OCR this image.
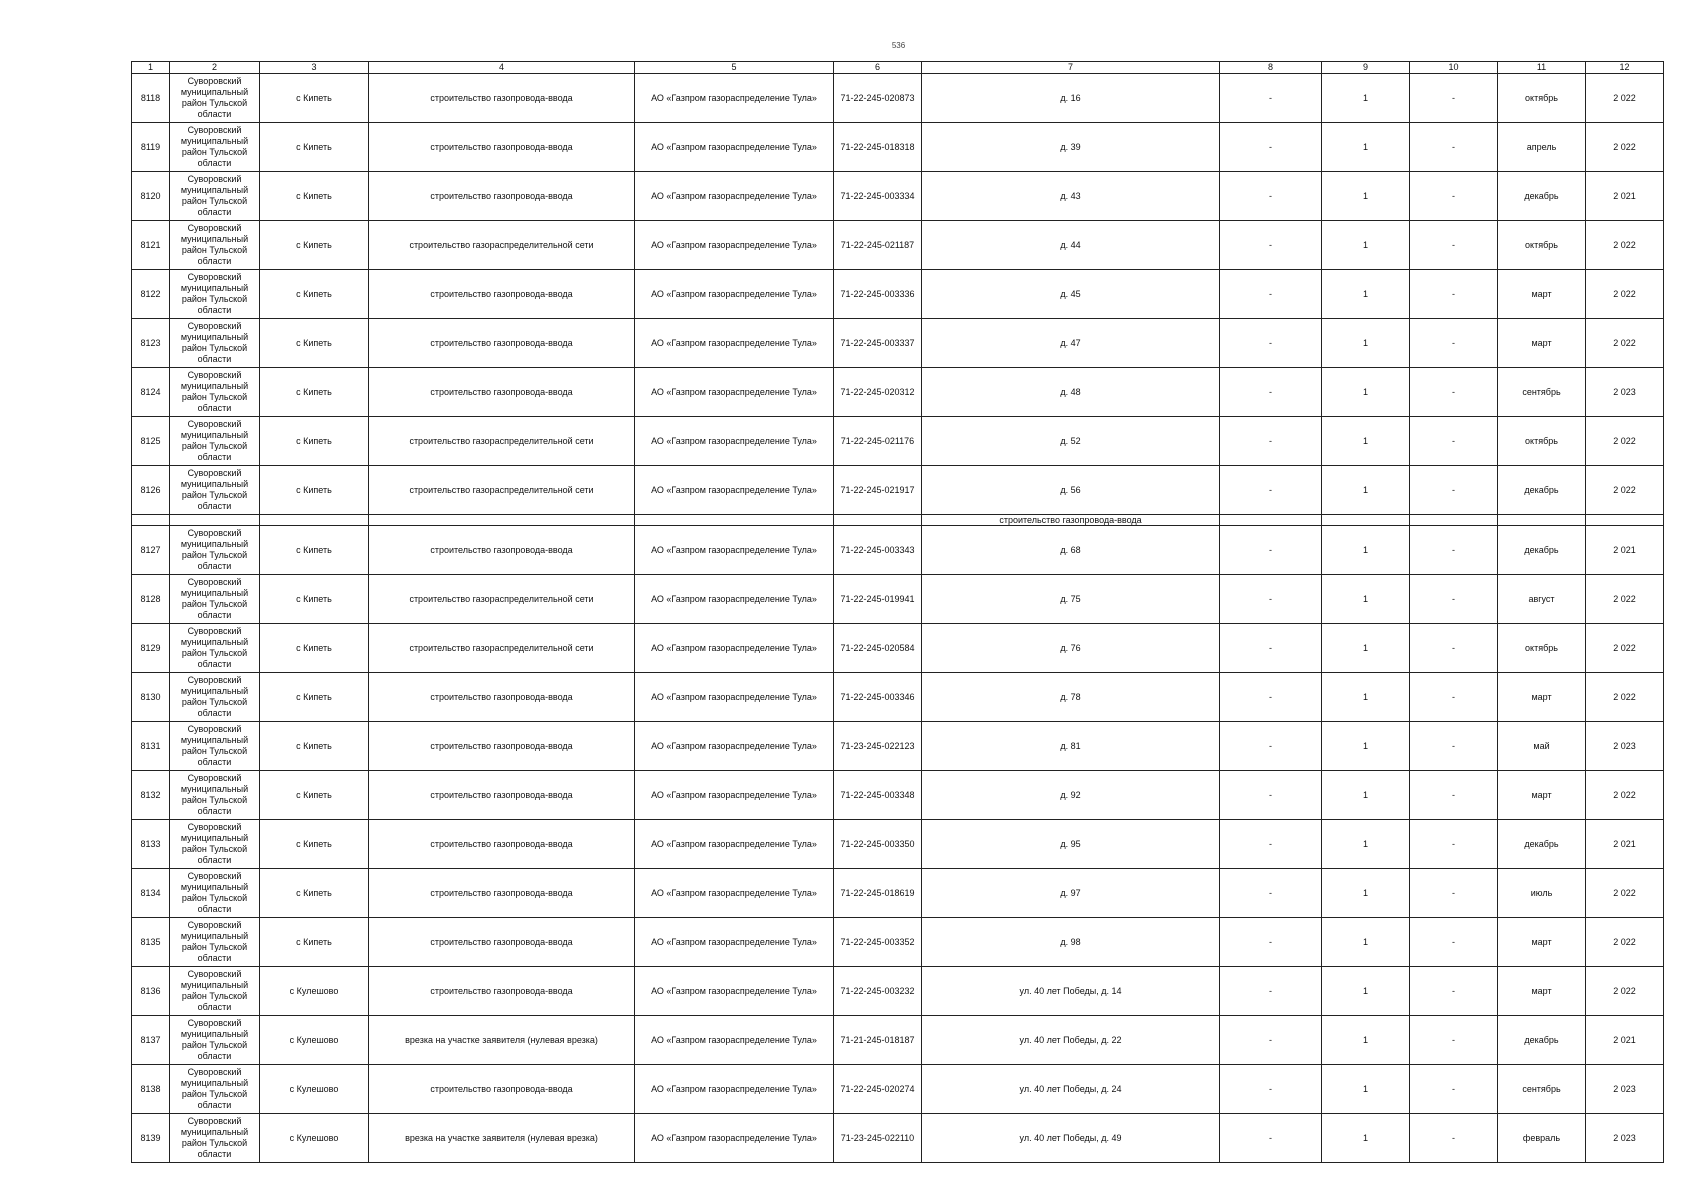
536
1	2	3	4	5	6	7	8	9	10	11	12
8118	Суворовский муниципальный район Тульской области	с Кипеть	строительство газопровода-ввода	АО «Газпром газораспределение Тула»	71-22-245-020873	д. 16	-	1	-	октябрь	2 022
8119	Суворовский муниципальный район Тульской области	с Кипеть	строительство газопровода-ввода	АО «Газпром газораспределение Тула»	71-22-245-018318	д. 39	-	1	-	апрель	2 022
8120	Суворовский муниципальный район Тульской области	с Кипеть	строительство газопровода-ввода	АО «Газпром газораспределение Тула»	71-22-245-003334	д. 43	-	1	-	декабрь	2 021
8121	Суворовский муниципальный район Тульской области	с Кипеть	строительство газораспределительной сети	АО «Газпром газораспределение Тула»	71-22-245-021187	д. 44	-	1	-	октябрь	2 022
8122	Суворовский муниципальный район Тульской области	с Кипеть	строительство газопровода-ввода	АО «Газпром газораспределение Тула»	71-22-245-003336	д. 45	-	1	-	март	2 022
8123	Суворовский муниципальный район Тульской области	с Кипеть	строительство газопровода-ввода	АО «Газпром газораспределение Тула»	71-22-245-003337	д. 47	-	1	-	март	2 022
8124	Суворовский муниципальный район Тульской области	с Кипеть	строительство газопровода-ввода	АО «Газпром газораспределение Тула»	71-22-245-020312	д. 48	-	1	-	сентябрь	2 023
8125	Суворовский муниципальный район Тульской области	с Кипеть	строительство газораспределительной сети	АО «Газпром газораспределение Тула»	71-22-245-021176	д. 52	-	1	-	октябрь	2 022
8126	Суворовский муниципальный район Тульской области	с Кипеть	строительство газораспределительной сети	АО «Газпром газораспределение Тула»	71-22-245-021917	д. 56	-	1	-	декабрь	2 022
						строительство газопровода-ввода					
8127	Суворовский муниципальный район Тульской области	с Кипеть	строительство газопровода-ввода	АО «Газпром газораспределение Тула»	71-22-245-003343	д. 68	-	1	-	декабрь	2 021
8128	Суворовский муниципальный район Тульской области	с Кипеть	строительство газораспределительной сети	АО «Газпром газораспределение Тула»	71-22-245-019941	д. 75	-	1	-	август	2 022
8129	Суворовский муниципальный район Тульской области	с Кипеть	строительство газораспределительной сети	АО «Газпром газораспределение Тула»	71-22-245-020584	д. 76	-	1	-	октябрь	2 022
8130	Суворовский муниципальный район Тульской области	с Кипеть	строительство газопровода-ввода	АО «Газпром газораспределение Тула»	71-22-245-003346	д. 78	-	1	-	март	2 022
8131	Суворовский муниципальный район Тульской области	с Кипеть	строительство газопровода-ввода	АО «Газпром газораспределение Тула»	71-23-245-022123	д. 81	-	1	-	май	2 023
8132	Суворовский муниципальный район Тульской области	с Кипеть	строительство газопровода-ввода	АО «Газпром газораспределение Тула»	71-22-245-003348	д. 92	-	1	-	март	2 022
8133	Суворовский муниципальный район Тульской области	с Кипеть	строительство газопровода-ввода	АО «Газпром газораспределение Тула»	71-22-245-003350	д. 95	-	1	-	декабрь	2 021
8134	Суворовский муниципальный район Тульской области	с Кипеть	строительство газопровода-ввода	АО «Газпром газораспределение Тула»	71-22-245-018619	д. 97	-	1	-	июль	2 022
8135	Суворовский муниципальный район Тульской области	с Кипеть	строительство газопровода-ввода	АО «Газпром газораспределение Тула»	71-22-245-003352	д. 98	-	1	-	март	2 022
8136	Суворовский муниципальный район Тульской области	с Кулешово	строительство газопровода-ввода	АО «Газпром газораспределение Тула»	71-22-245-003232	ул. 40 лет Победы, д. 14	-	1	-	март	2 022
8137	Суворовский муниципальный район Тульской области	с Кулешово	врезка на участке заявителя (нулевая врезка)	АО «Газпром газораспределение Тула»	71-21-245-018187	ул. 40 лет Победы, д. 22	-	1	-	декабрь	2 021
8138	Суворовский муниципальный район Тульской области	с Кулешово	строительство газопровода-ввода	АО «Газпром газораспределение Тула»	71-22-245-020274	ул. 40 лет Победы, д. 24	-	1	-	сентябрь	2 023
8139	Суворовский муниципальный район Тульской области	с Кулешово	врезка на участке заявителя (нулевая врезка)	АО «Газпром газораспределение Тула»	71-23-245-022110	ул. 40 лет Победы, д. 49	-	1	-	февраль	2 023
